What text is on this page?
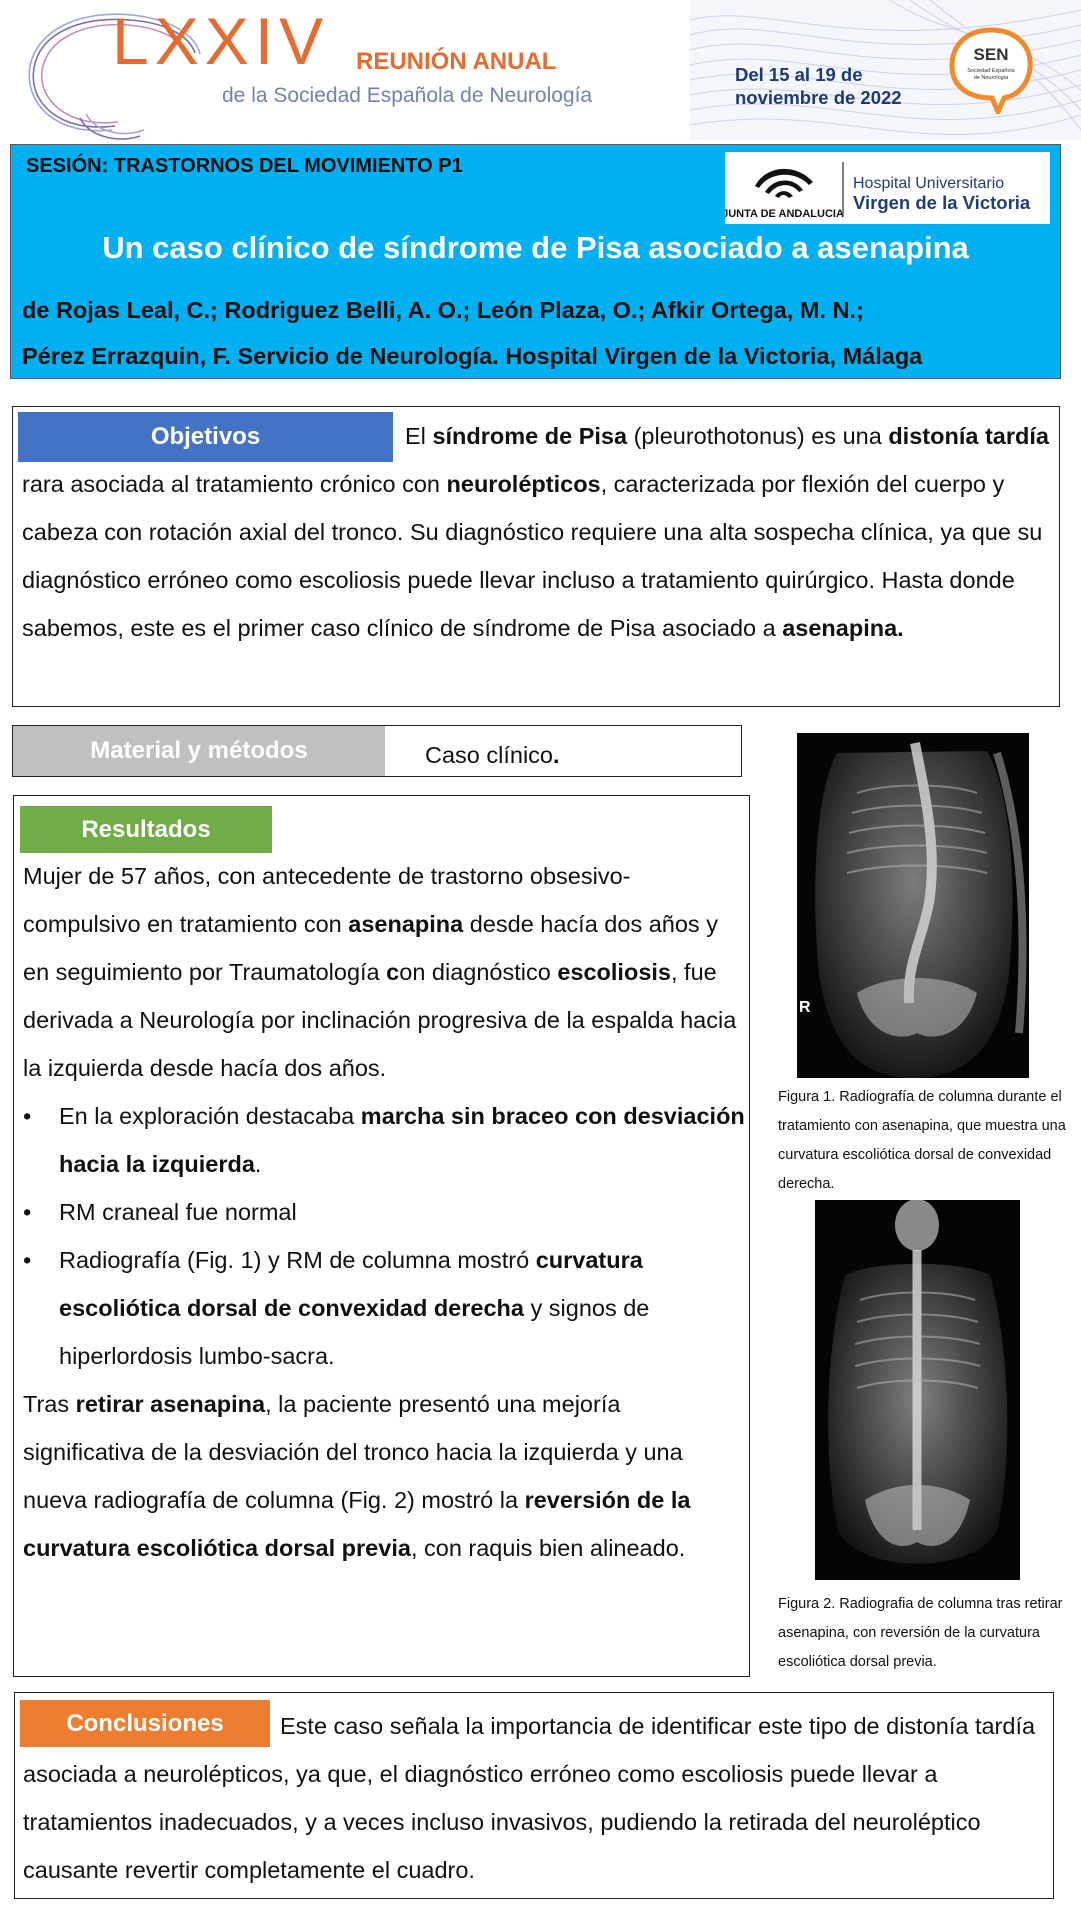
LXXIV REUNIÓN ANUAL
de la Sociedad Española de Neurología
Del 15 al 19 de
noviembre de 2022
SEN
Sociedad Española
de Neurología
SESIÓN: TRASTORNOS DEL MOVIMIENTO P1
JUNTA DE ANDALUCIA
Hospital Universitario
Virgen de la Victoria
Un caso clínico de síndrome de Pisa asociado a asenapina
de Rojas Leal, C.; Rodriguez Belli, A. O.; León Plaza, O.; Afkir Ortega, M. N.;
Pérez Errazquin, F. Servicio de Neurología. Hospital Virgen de la Victoria, Málaga
Objetivos	El síndrome de Pisa (pleurothotonus) es una distonía tardía rara asociada al tratamiento crónico con neurolépticos, caracterizada por flexión del cuerpo y cabeza con rotación axial del tronco. Su diagnóstico requiere una alta sospecha clínica, ya que su diagnóstico erróneo como escoliosis puede llevar incluso a tratamiento quirúrgico. Hasta donde sabemos, este es el primer caso clínico de síndrome de Pisa asociado a asenapina.
Material y métodos	Caso clínico.
Resultados
Mujer de 57 años, con antecedente de trastorno obsesivo-compulsivo en tratamiento con asenapina desde hacía dos años y en seguimiento por Traumatología con diagnóstico escoliosis, fue derivada a Neurología por inclinación progresiva de la espalda hacia la izquierda desde hacía dos años.
• En la exploración destacaba marcha sin braceo con desviación hacia la izquierda.
• RM craneal fue normal
• Radiografía (Fig. 1) y RM de columna mostró curvatura escoliótica dorsal de convexidad derecha y signos de hiperlordosis lumbo-sacra.
Tras retirar asenapina, la paciente presentó una mejoría significativa de la desviación del tronco hacia la izquierda y una nueva radiografía de columna (Fig. 2) mostró la reversión de la curvatura escoliótica dorsal previa, con raquis bien alineado.
R
Figura 1. Radiografía de columna durante el tratamiento con asenapina, que muestra una curvatura escoliótica dorsal de convexidad derecha.
Figura 2. Radiografia de columna tras retirar asenapina, con reversión de la curvatura escoliótica dorsal previa.
Conclusiones	Este caso señala la importancia de identificar este tipo de distonía tardía asociada a neurolépticos, ya que, el diagnóstico erróneo como escoliosis puede llevar a tratamientos inadecuados, y a veces incluso invasivos, pudiendo la retirada del neuroléptico causante revertir completamente el cuadro.
